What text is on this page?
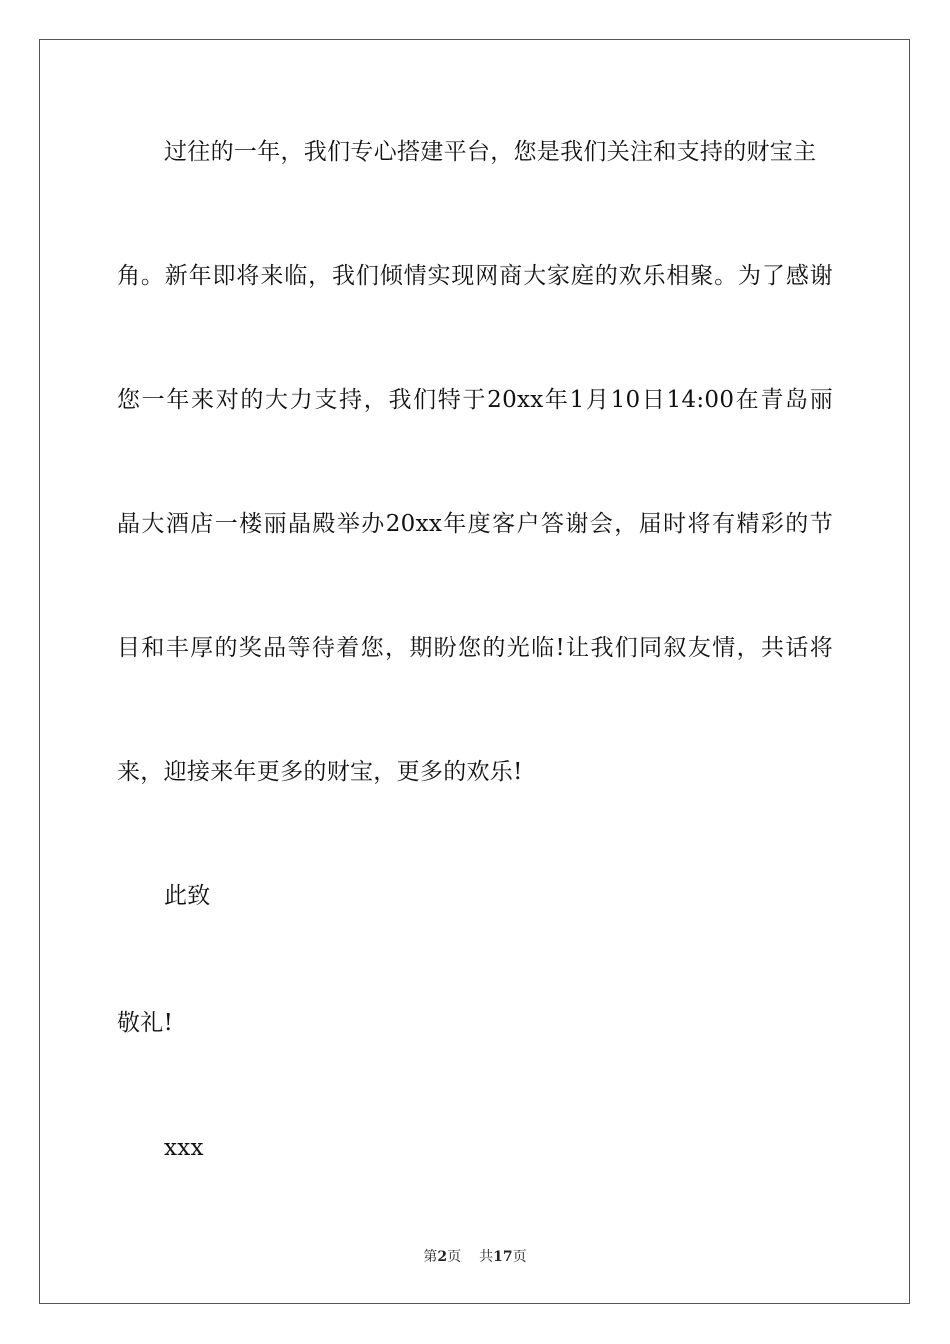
过往的一年，我们专心搭建平台，您是我们关注和支持的财宝主
角。新年即将来临，我们倾情实现网商大家庭的欢乐相聚。为了感谢
您一年来对的大力支持，我们特于20xx年1月10日14:00在青岛丽
晶大酒店一楼丽晶殿举办20xx年度客户答谢会，届时将有精彩的节
目和丰厚的奖品等待着您，期盼您的光临!让我们同叙友情，共话将
来，迎接来年更多的财宝，更多的欢乐!
此致
敬礼!
xxx
第2页 共17页
